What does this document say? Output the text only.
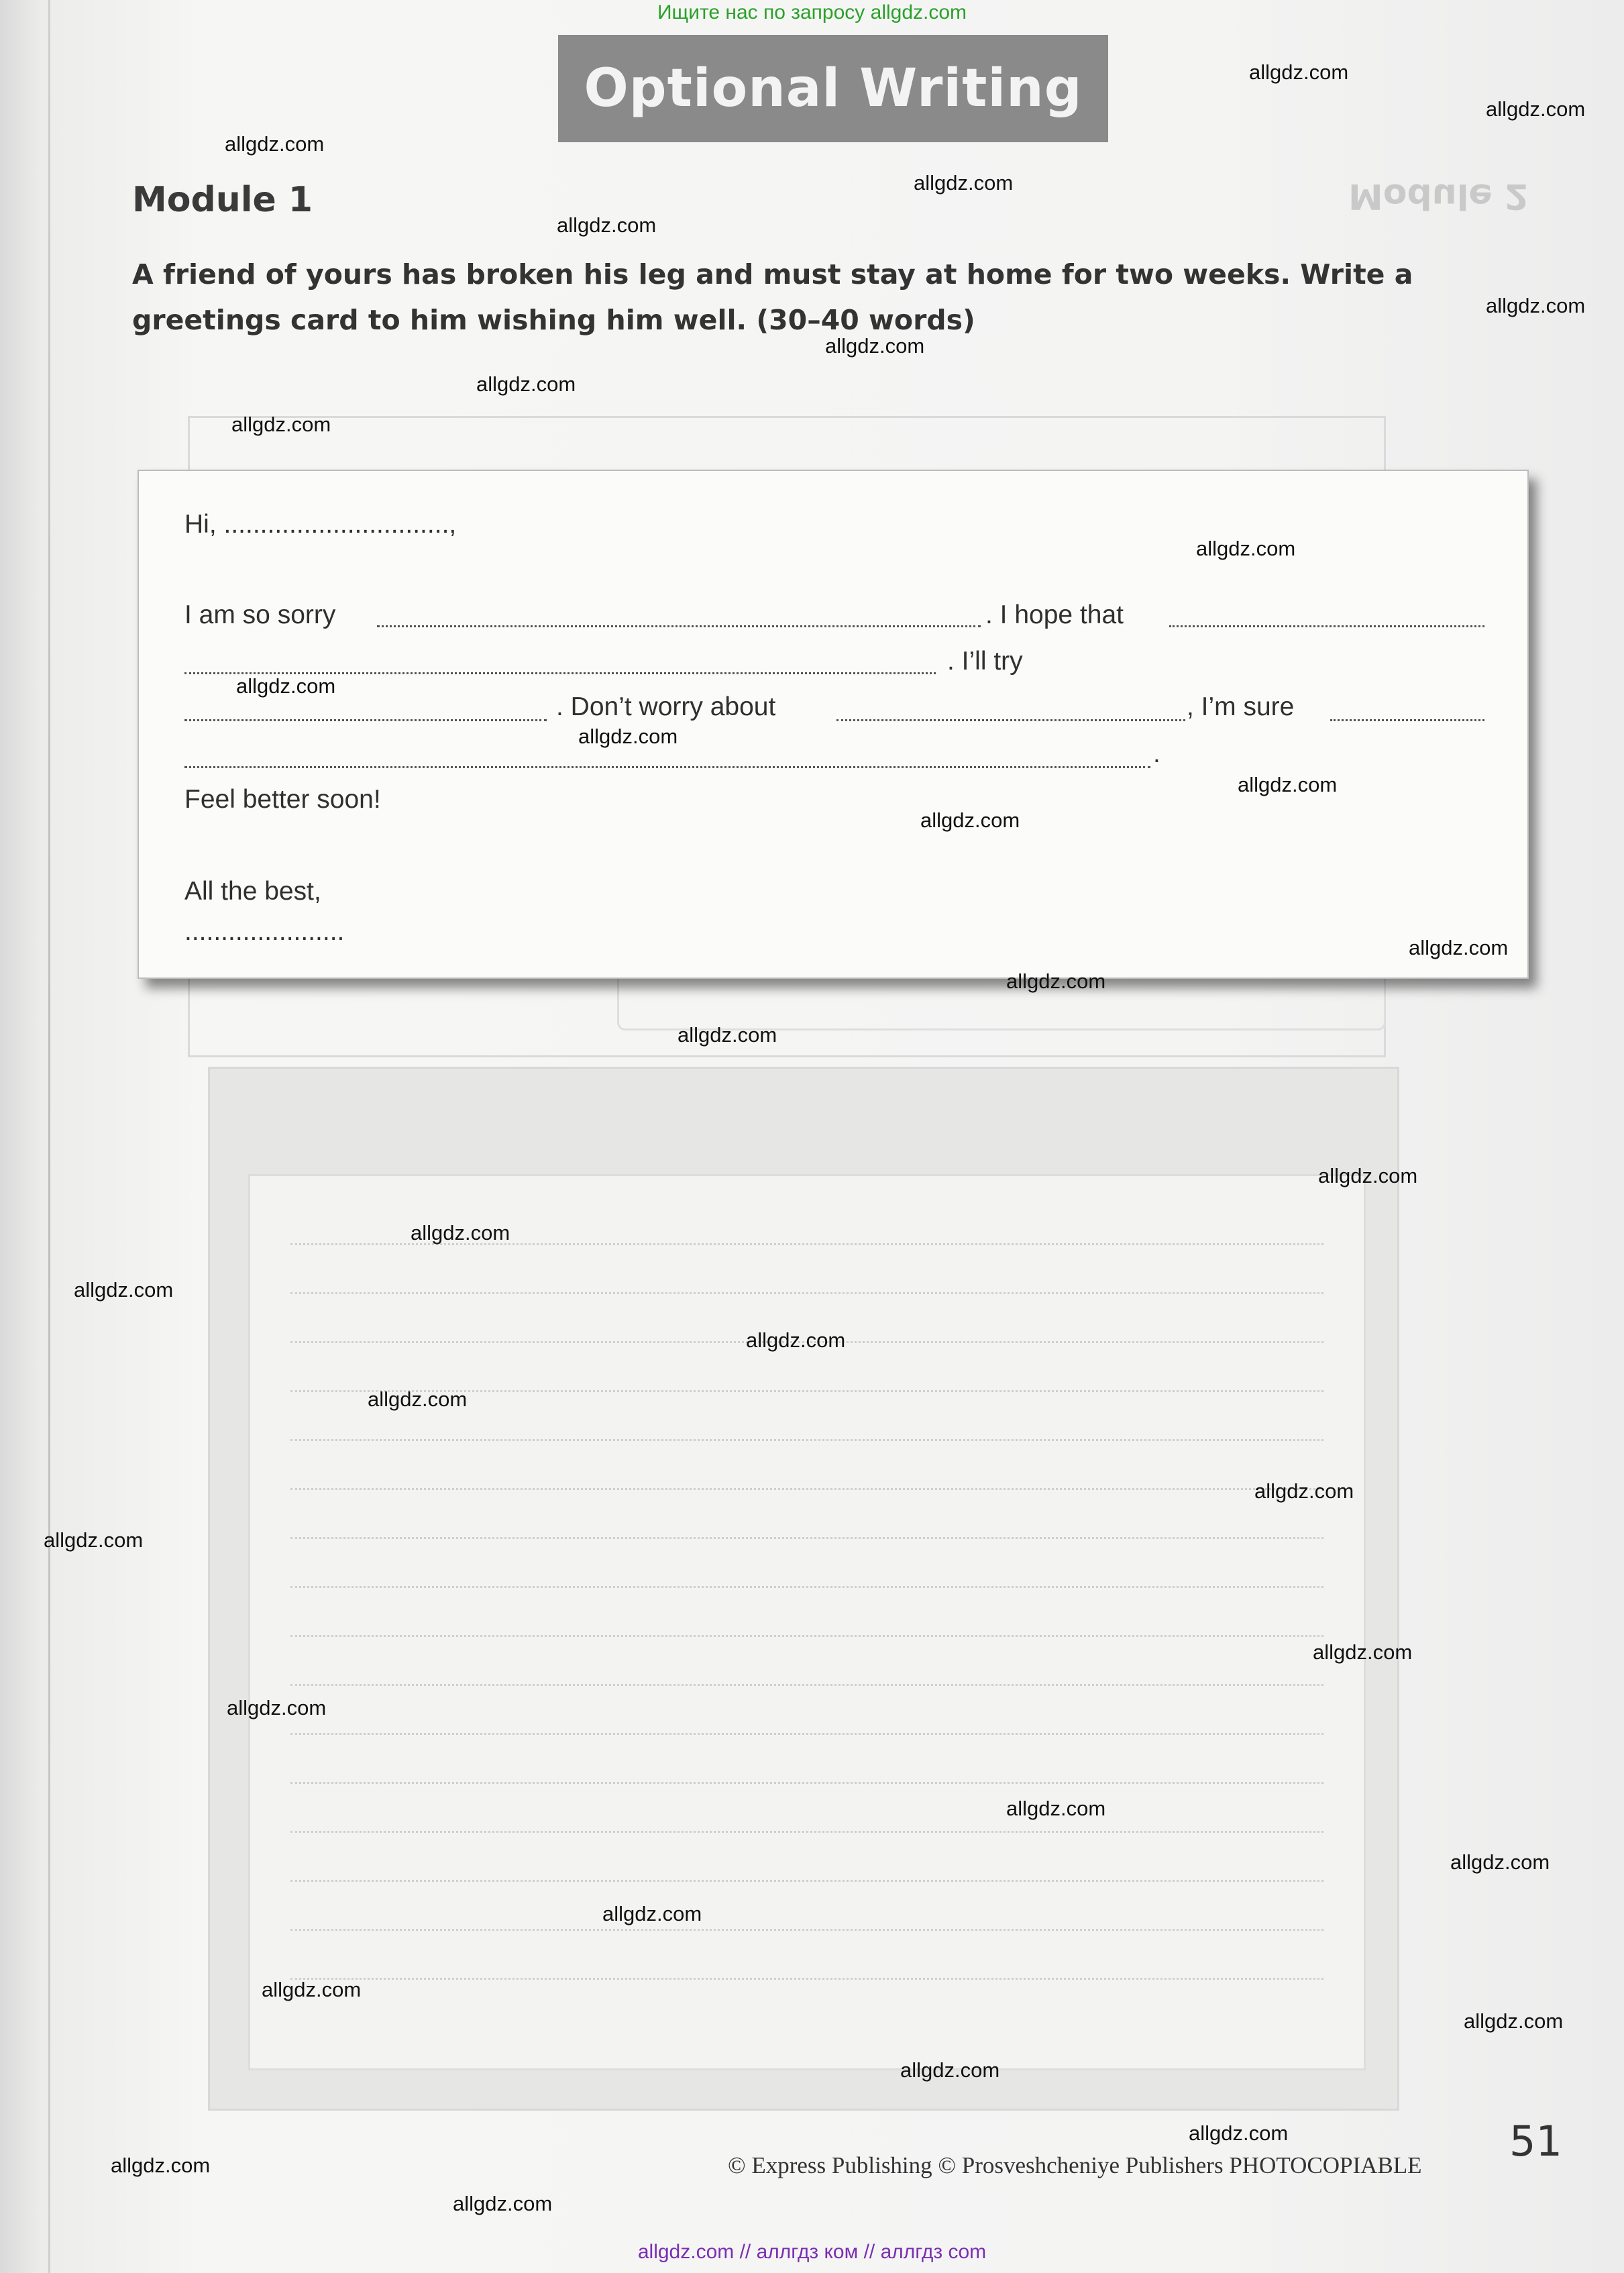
Module 2
Ищите нас по запросу allgdz.com
Optional Writing
Module 1
A friend of yours has broken his leg and must stay at home for two weeks. Write a greetings card to him wishing him well. (30–40 words)
Hi, ...............................,
I am so sorry	. I hope that
. I’ll try
. Don’t worry about	, I’m sure
.
Feel better soon!
All the best,
......................
© Express Publishing © Prosveshcheniye Publishers PHOTOCOPIABLE 51
allgdz.com
allgdz.com
allgdz.com
allgdz.com
allgdz.com
allgdz.com
allgdz.com
allgdz.com
allgdz.com
allgdz.com
allgdz.com
allgdz.com
allgdz.com
allgdz.com
allgdz.com
allgdz.com
allgdz.com
allgdz.com
allgdz.com
allgdz.com
allgdz.com
allgdz.com
allgdz.com
allgdz.com
allgdz.com
allgdz.com
allgdz.com
allgdz.com
allgdz.com
allgdz.com
allgdz.com
allgdz.com
allgdz.com
allgdz.com
allgdz.com
allgdz.com // аллгдз ком // аллгдз com
